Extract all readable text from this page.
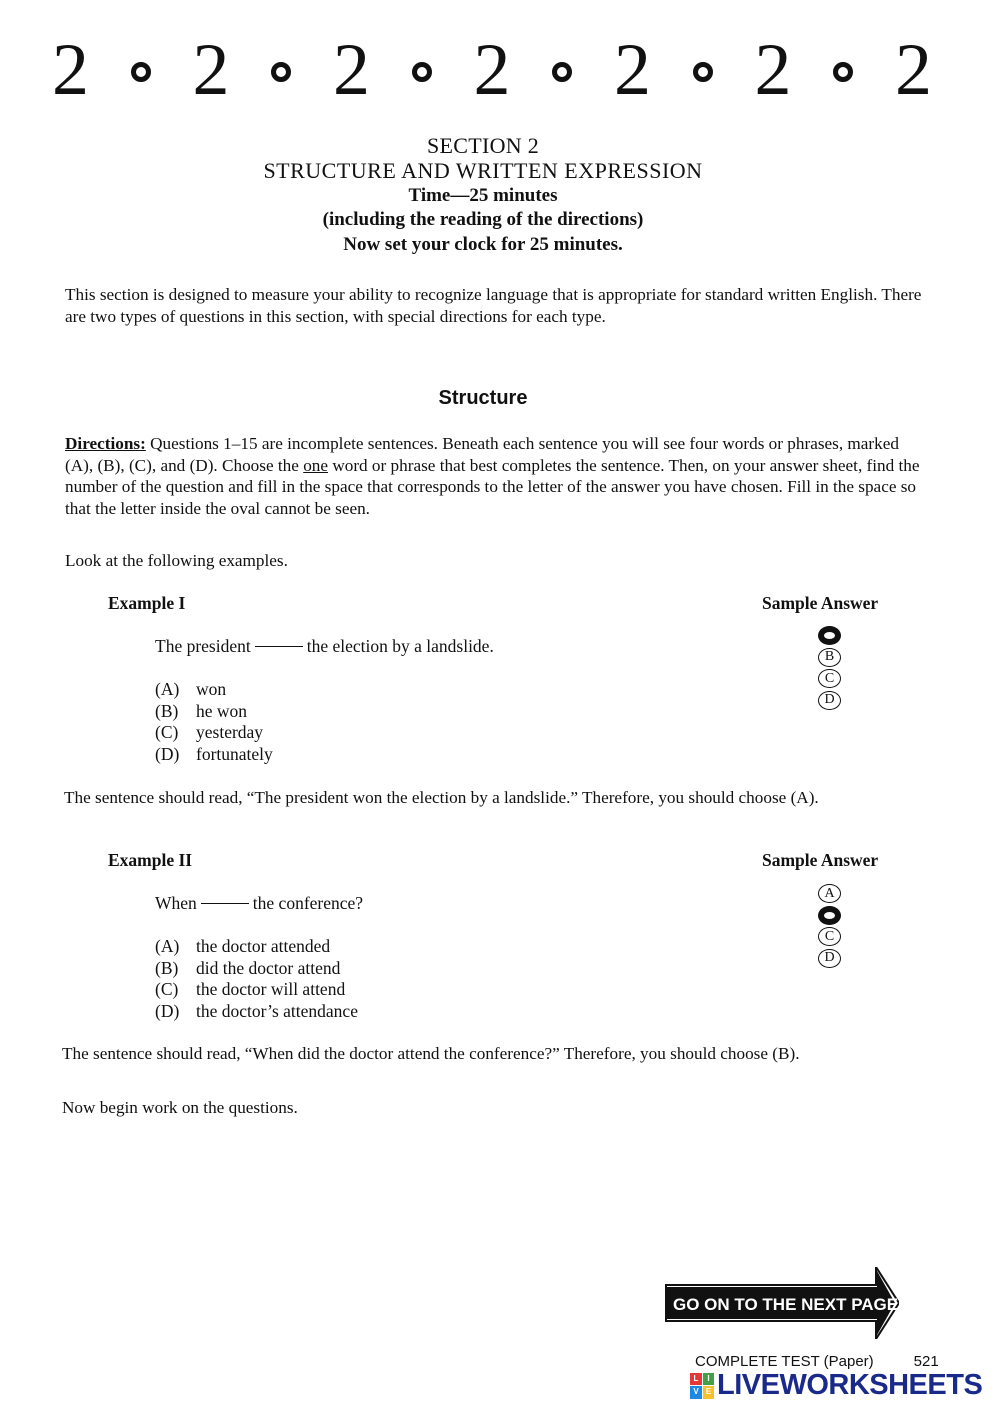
2 2 2 2 2 2 2
SECTION 2
STRUCTURE AND WRITTEN EXPRESSION
Time—25 minutes
(including the reading of the directions)
Now set your clock for 25 minutes.

This section is designed to measure your ability to recognize language that is appropriate for standard written English. There are two types of questions in this section, with special directions for each type.

Structure

Directions: Questions 1–15 are incomplete sentences. Beneath each sentence you will see four words or phrases, marked (A), (B), (C), and (D). Choose the one word or phrase that best completes the sentence. Then, on your answer sheet, find the number of the question and fill in the space that corresponds to the letter of the answer you have chosen. Fill in the space so that the letter inside the oval cannot be seen.

Look at the following examples.

Example I	Sample Answer
The president	the election by a landslide.
(A) won
(B)	he won
(C)	yesterday
(D) fortunately
B
C
D

The sentence should read, “The president won the election by a landslide.” Therefore, you should choose (A).

Example II	Sample Answer
When	the conference?
(A) the doctor attended
(B)	did the doctor attend
(C)	the doctor will attend
(D) the doctor’s attendance
A
C
D

The sentence should read, “When did the doctor attend the conference?” Therefore, you should choose (B).

Now begin work on the questions.

GO ON TO THE NEXT PAGE
COMPLETE TEST (Paper)	521
L	I
V E LIVEWORKSHEETS
